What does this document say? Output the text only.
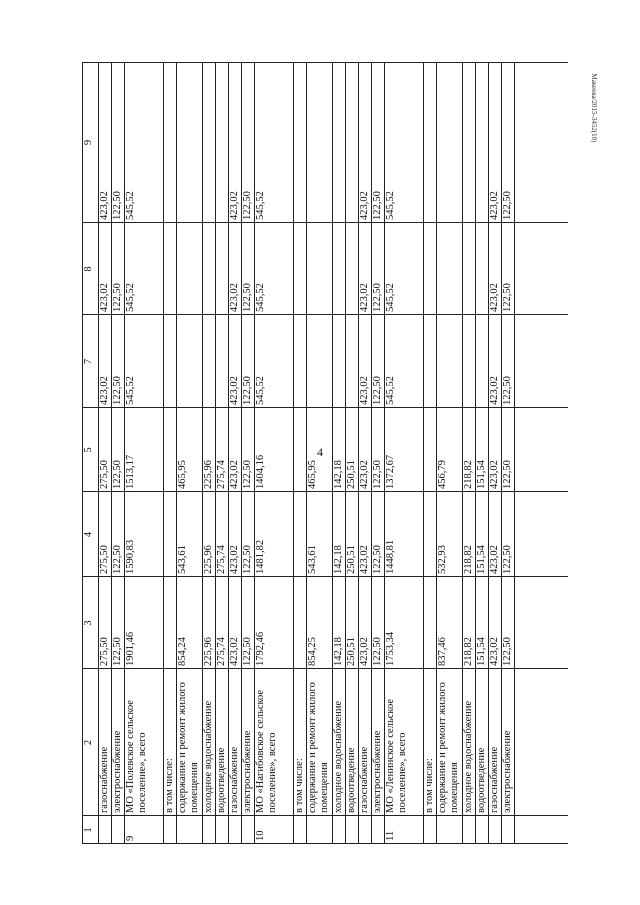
4
Макеева/2015-3452(10)
1
2
3
4
5
7
8
9
газоснабжение
275,50
275,50
275,50
423,02
423,02
423,02
электроснабжение
122,50
122,50
122,50
122,50
122,50
122,50
9
МО «Полевское сельское поселение», всего
1901,46
1590,83
1513,17
545,52
545,52
545,52
в том числе: содержание и ремонт жилого помещения
854,24
543,61
465,95
холодное водоснабжение
225,96
225,96
225,96
водоотведение
275,74
275,74
275,74
газоснабжение
423,02
423,02
423,02
423,02
423,02
423,02
электроснабжение
122,50
122,50
122,50
122,50
122,50
122,50
10
МО «Нагибовское сельское поселение», всего
1792,46
1481,82
1404,16
545,52
545,52
545,52
в том числе: содержание и ремонт жилого помещения
854,25
543,61
465,95
холодное водоснабжение
142,18
142,18
142,18
водоотведение
250,51
250,51
250,51
газоснабжение
423,02
423,02
423,02
423,02
423,02
423,02
электроснабжение
122,50
122,50
122,50
122,50
122,50
122,50
11
МО «Ленинское сельское поселение», всего
1753,34
1448,81
1372,67
545,52
545,52
545,52
в том числе: содержание и ремонт жилого помещения
837,46
532,93
456,79
холодное водоснабжение
218,82
218,82
218,82
водоотведение
151,54
151,54
151,54
газоснабжение
423,02
423,02
423,02
423,02
423,02
423,02
электроснабжение
122,50
122,50
122,50
122,50
122,50
122,50
